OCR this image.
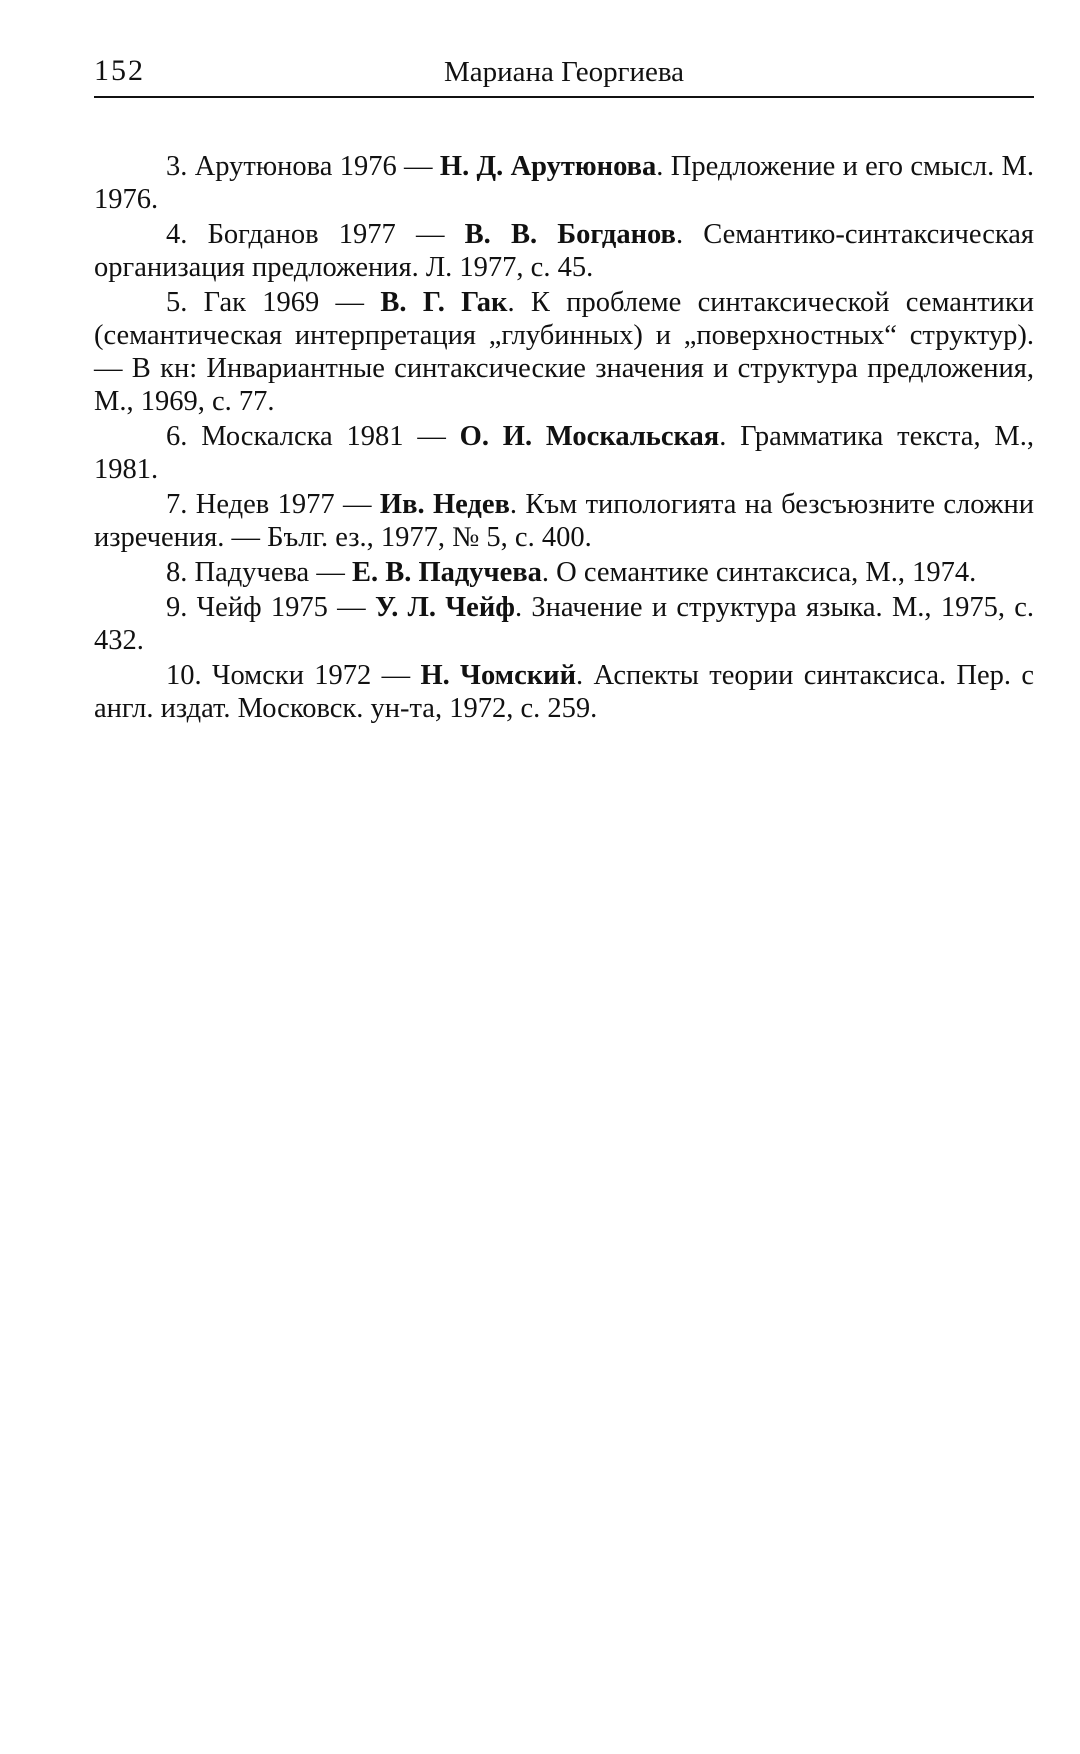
152	Мариана Георгиева

3. Арутюнова 1976 — Н. Д. Арутюнова. Предложение и его смысл. М. 1976.

4. Богданов 1977 — В. В. Богданов. Семантико-синтаксическая организация предложения. Л. 1977, с. 45.

5. Гак 1969 — В. Г. Гак. К проблеме синтаксической семантики (семантическая интерпретация „глубинных) и „поверхностных“ структур). — В кн: Инвариантные синтаксические значения и структура предложения, М., 1969, с. 77.

6. Москалска 1981 — О. И. Москальская. Грамматика текста, М., 1981.

7. Недев 1977 — Ив. Недев. Към типологията на безсъюзните сложни изречения. — Бълг. ез., 1977, № 5, с. 400.

8. Падучева — Е. В. Падучева. О семантике синтаксиса, М., 1974.

9. Чейф 1975 — У. Л. Чейф. Значение и структура языка. М., 1975, с. 432.

10. Чомски 1972 — Н. Чомский. Аспекты теории синтаксиса. Пер. с англ. издат. Московск. ун-та, 1972, с. 259.
